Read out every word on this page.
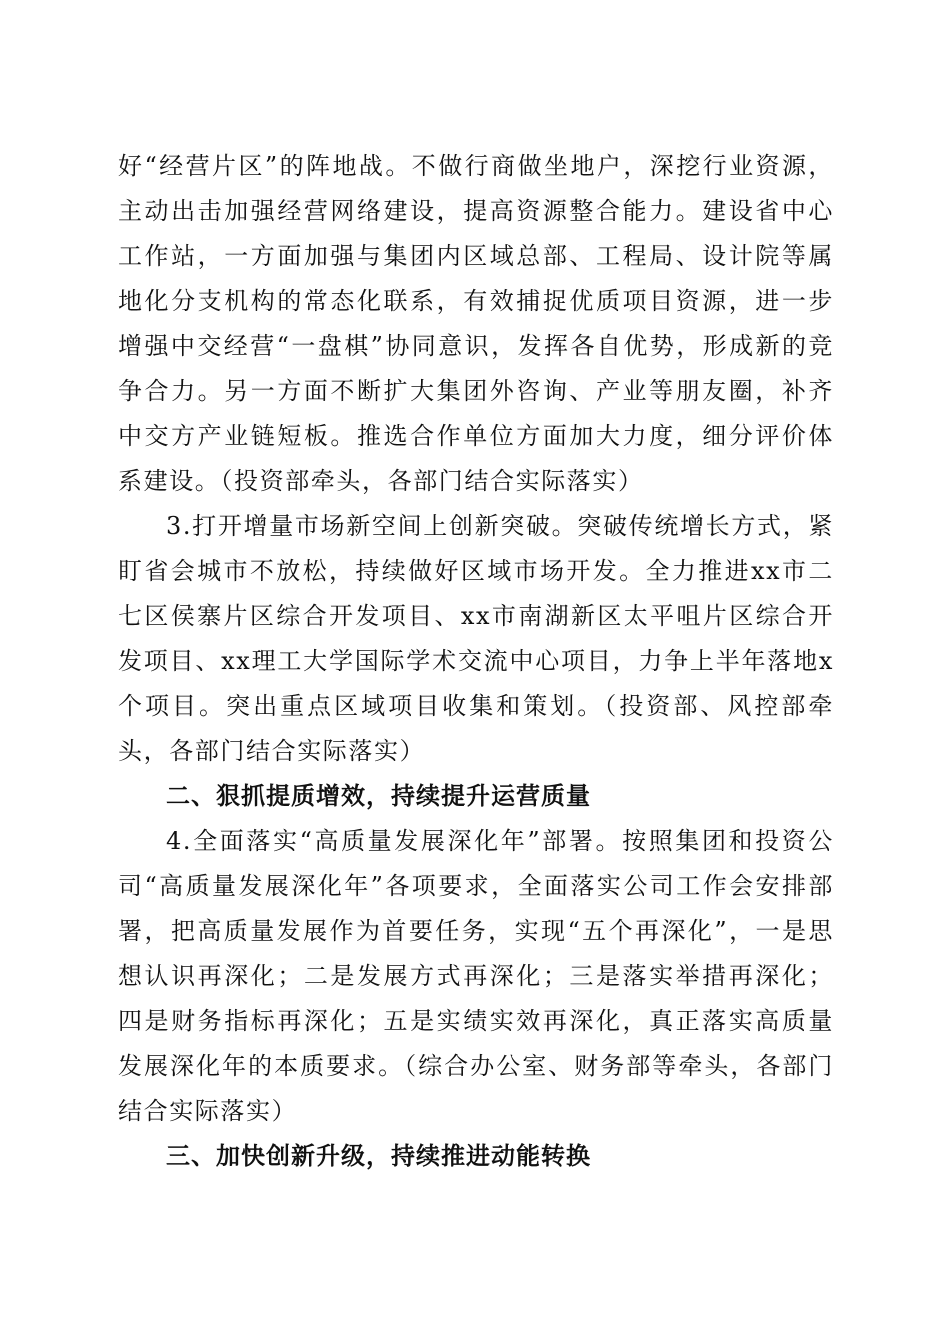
好“经营片区”的阵地战。不做行商做坐地户，深挖行业资源，主动出击加强经营网络建设，提高资源整合能力。建设省中心工作站，一方面加强与集团内区域总部、工程局、设计院等属地化分支机构的常态化联系，有效捕捉优质项目资源，进一步增强中交经营“一盘棋”协同意识，发挥各自优势，形成新的竞争合力。另一方面不断扩大集团外咨询、产业等朋友圈，补齐中交方产业链短板。推选合作单位方面加大力度，细分评价体系建设。（投资部牵头，各部门结合实际落实）

3.打开增量市场新空间上创新突破。突破传统增长方式，紧盯省会城市不放松，持续做好区域市场开发。全力推进xx市二七区侯寨片区综合开发项目、xx市南湖新区太平咀片区综合开发项目、xx理工大学国际学术交流中心项目，力争上半年落地x个项目。突出重点区域项目收集和策划。（投资部、风控部牵头，各部门结合实际落实）

二、狠抓提质增效，持续提升运营质量

4.全面落实“高质量发展深化年”部署。按照集团和投资公司“高质量发展深化年”各项要求，全面落实公司工作会安排部署，把高质量发展作为首要任务，实现“五个再深化”，一是思想认识再深化；二是发展方式再深化；三是落实举措再深化；四是财务指标再深化；五是实绩实效再深化，真正落实高质量发展深化年的本质要求。（综合办公室、财务部等牵头，各部门结合实际落实）

三、加快创新升级，持续推进动能转换
